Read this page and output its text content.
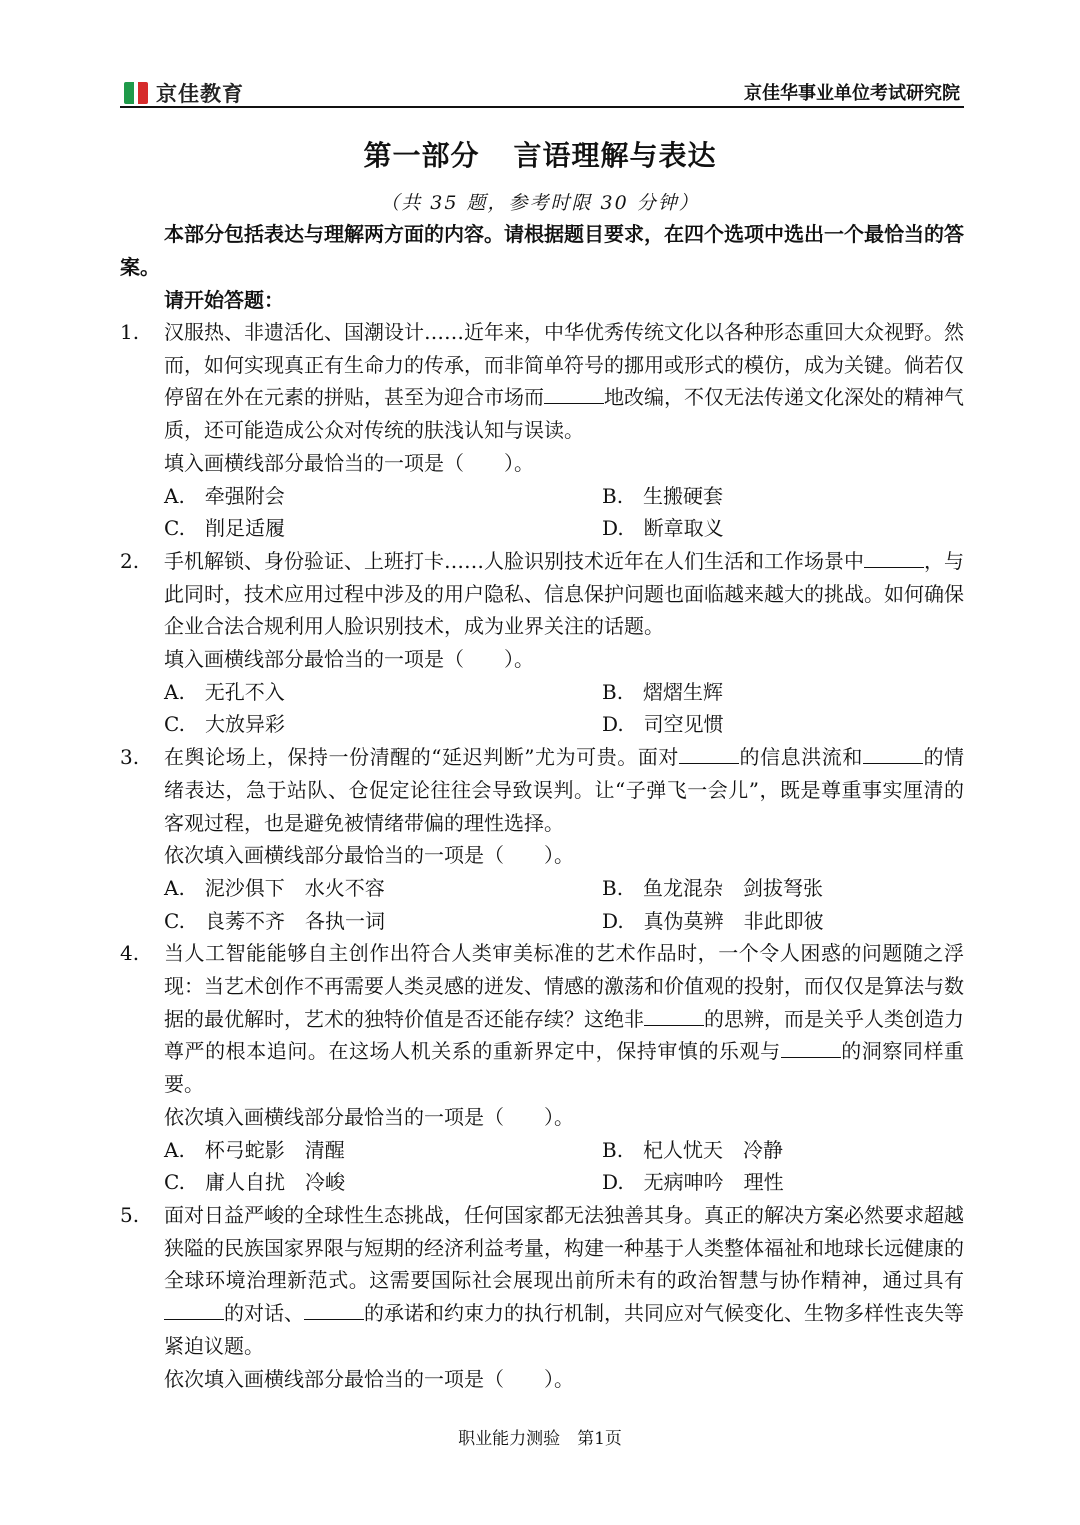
京佳教育	京佳华事业单位考试研究院
第一部分 言语理解与表达
（共 35 题，参考时限 30 分钟）

本部分包括表达与理解两方面的内容。请根据题目要求，在四个选项中选出一个最恰当的答案。

请开始答题：
1. 汉服热、非遗活化、国潮设计……近年来，中华优秀传统文化以各种形态重回大众视野。然而，如何实现真正有生命力的传承，而非简单符号的挪用或形式的模仿，成为关键。倘若仅停留在外在元素的拼贴，甚至为迎合市场而	地改编，不仅无法传递文化深处的精神气质，还可能造成公众对传统的肤浅认知与误读。
填入画横线部分最恰当的一项是（　　）。
A.　牵强附会	B.　生搬硬套
C.　削足适履	D.　断章取义
2. 手机解锁、身份验证、上班打卡……人脸识别技术近年在人们生活和工作场景中	，与此同时，技术应用过程中涉及的用户隐私、信息保护问题也面临越来越大的挑战。如何确保企业合法合规利用人脸识别技术，成为业界关注的话题。
填入画横线部分最恰当的一项是（　　）。
A.　无孔不入	B.　熠熠生辉
C.　大放异彩	D.　司空见惯
3. 在舆论场上，保持一份清醒的“延迟判断”尤为可贵。面对	的信息洪流和	的情绪表达，急于站队、仓促定论往往会导致误判。让“子弹飞一会儿”，既是尊重事实厘清的客观过程，也是避免被情绪带偏的理性选择。
依次填入画横线部分最恰当的一项是（　　）。
A.　泥沙俱下　水火不容	B.　鱼龙混杂　剑拔弩张
C.　良莠不齐　各执一词	D.　真伪莫辨　非此即彼
4. 当人工智能能够自主创作出符合人类审美标准的艺术作品时，一个令人困惑的问题随之浮现：当艺术创作不再需要人类灵感的迸发、情感的激荡和价值观的投射，而仅仅是算法与数据的最优解时，艺术的独特价值是否还能存续？这绝非	的思辨，而是关乎人类创造力尊严的根本追问。在这场人机关系的重新界定中，保持审慎的乐观与	的洞察同样重要。
依次填入画横线部分最恰当的一项是（　　）。
A.　杯弓蛇影　清醒	B.　杞人忧天　冷静
C.　庸人自扰　冷峻	D.　无病呻吟　理性
5. 面对日益严峻的全球性生态挑战，任何国家都无法独善其身。真正的解决方案必然要求超越狭隘的民族国家界限与短期的经济利益考量，构建一种基于人类整体福祉和地球长远健康的全球环境治理新范式。这需要国际社会展现出前所未有的政治智慧与协作精神，通过具有的对话、	的承诺和约束力的执行机制，共同应对气候变化、生物多样性丧失等紧迫议题。
依次填入画横线部分最恰当的一项是（　　）。
职业能力测验　第1页
